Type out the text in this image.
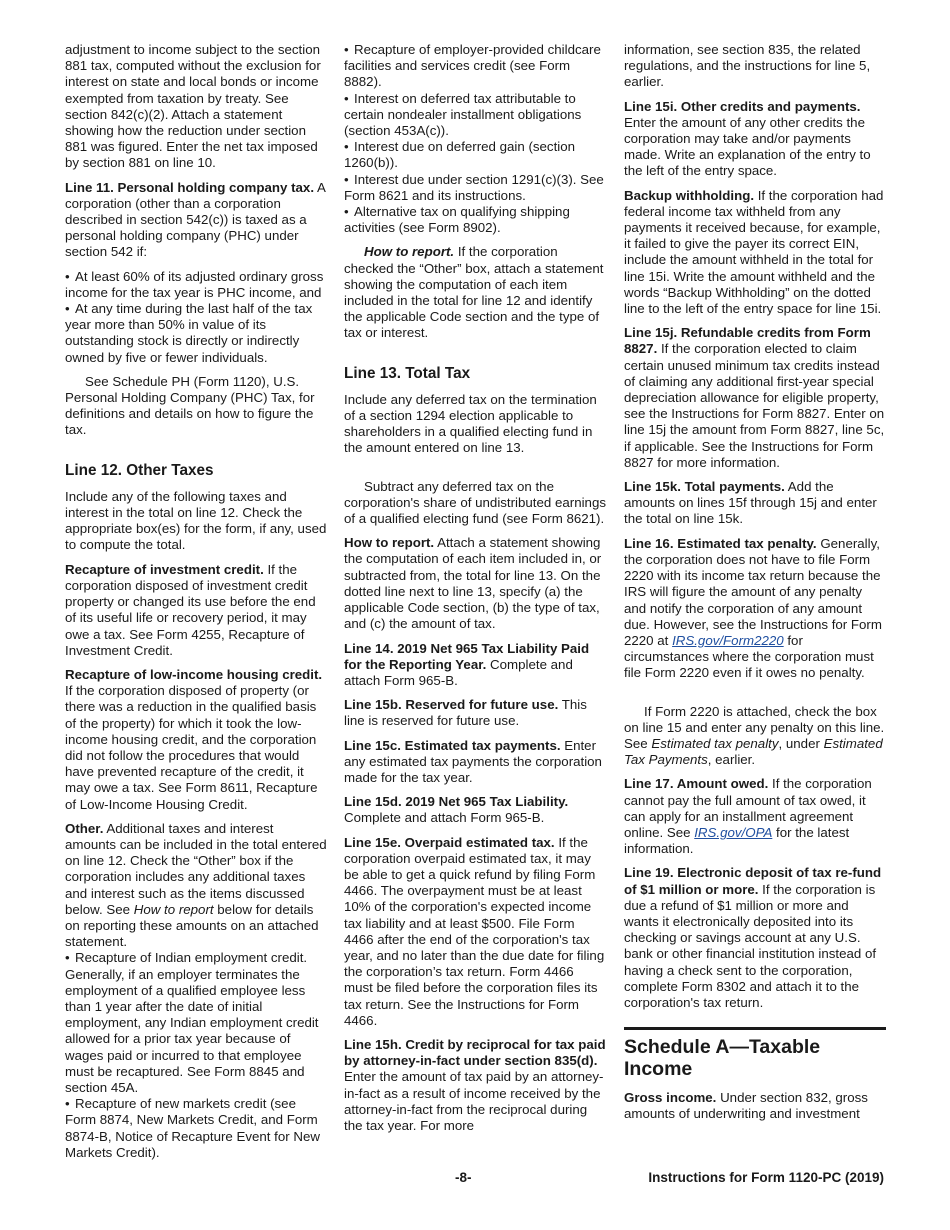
adjustment to income subject to the section 881 tax, computed without the exclusion for interest on state and local bonds or income exempted from taxation by treaty. See section 842(c)(2). Attach a statement showing how the reduction under section 881 was figured. Enter the net tax imposed by section 881 on line 10.

Line 11. Personal holding company tax. A corporation (other than a corporation described in section 542(c)) is taxed as a personal holding company (PHC) under section 542 if:

• At least 60% of its adjusted ordinary gross income for the tax year is PHC income, and
• At any time during the last half of the tax year more than 50% in value of its outstanding stock is directly or indirectly owned by five or fewer individuals.

See Schedule PH (Form 1120), U.S. Personal Holding Company (PHC) Tax, for definitions and details on how to figure the tax.

Line 12. Other Taxes

Include any of the following taxes and interest in the total on line 12. Check the appropriate box(es) for the form, if any, used to compute the total.

Recapture of investment credit. If the corporation disposed of investment credit property or changed its use before the end of its useful life or recovery period, it may owe a tax. See Form 4255, Recapture of Investment Credit.

Recapture of low-income housing credit. If the corporation disposed of property (or there was a reduction in the qualified basis of the property) for which it took the low-income housing credit, and the corporation did not follow the procedures that would have prevented recapture of the credit, it may owe a tax. See Form 8611, Recapture of Low-Income Housing Credit.

Other. Additional taxes and interest amounts can be included in the total entered on line 12. Check the “Other” box if the corporation includes any additional taxes and interest such as the items discussed below. See How to report below for details on reporting these amounts on an attached statement.

• Recapture of Indian employment credit. Generally, if an employer terminates the employment of a qualified employee less than 1 year after the date of initial employment, any Indian employment credit allowed for a prior tax year because of wages paid or incurred to that employee must be recaptured. See Form 8845 and section 45A.
• Recapture of new markets credit (see Form 8874, New Markets Credit, and Form 8874-B, Notice of Recapture Event for New Markets Credit).
• Recapture of employer-provided childcare facilities and services credit (see Form 8882).
• Interest on deferred tax attributable to certain nondealer installment obligations (section 453A(c)).
• Interest due on deferred gain (section 1260(b)).
• Interest due under section 1291(c)(3). See Form 8621 and its instructions.
• Alternative tax on qualifying shipping activities (see Form 8902).

How to report. If the corporation checked the “Other” box, attach a statement showing the computation of each item included in the total for line 12 and identify the applicable Code section and the type of tax or interest.

Line 13. Total Tax

Include any deferred tax on the termination of a section 1294 election applicable to shareholders in a qualified electing fund in the amount entered on line 13.

Subtract any deferred tax on the corporation's share of undistributed earnings of a qualified electing fund (see Form 8621).

How to report. Attach a statement showing the computation of each item included in, or subtracted from, the total for line 13. On the dotted line next to line 13, specify (a) the applicable Code section, (b) the type of tax, and (c) the amount of tax.

Line 14. 2019 Net 965 Tax Liability Paid for the Reporting Year. Complete and attach Form 965-B.

Line 15b. Reserved for future use. This line is reserved for future use.

Line 15c. Estimated tax payments. Enter any estimated tax payments the corporation made for the tax year.

Line 15d. 2019 Net 965 Tax Liability. Complete and attach Form 965-B.

Line 15e. Overpaid estimated tax. If the corporation overpaid estimated tax, it may be able to get a quick refund by filing Form 4466. The overpayment must be at least 10% of the corporation's expected income tax liability and at least $500. File Form 4466 after the end of the corporation's tax year, and no later than the due date for filing the corporation’s tax return. Form 4466 must be filed before the corporation files its tax return. See the Instructions for Form 4466.

Line 15h. Credit by reciprocal for tax paid by attorney-in-fact under section 835(d). Enter the amount of tax paid by an attorney-in-fact as a result of income received by the attorney-in-fact from the reciprocal during the tax year. For more

information, see section 835, the related regulations, and the instructions for line 5, earlier.

Line 15i. Other credits and payments. Enter the amount of any other credits the corporation may take and/or payments made. Write an explanation of the entry to the left of the entry space.

Backup withholding. If the corporation had federal income tax withheld from any payments it received because, for example, it failed to give the payer its correct EIN, include the amount withheld in the total for line 15i. Write the amount withheld and the words “Backup Withholding” on the dotted line to the left of the entry space for line 15i.

Line 15j. Refundable credits from Form 8827. If the corporation elected to claim certain unused minimum tax credits instead of claiming any additional first-year special depreciation allowance for eligible property, see the Instructions for Form 8827. Enter on line 15j the amount from Form 8827, line 5c, if applicable. See the Instructions for Form 8827 for more information.

Line 15k. Total payments. Add the amounts on lines 15f through 15j and enter the total on line 15k.

Line 16. Estimated tax penalty. Generally, the corporation does not have to file Form 2220 with its income tax return because the IRS will figure the amount of any penalty and notify the corporation of any amount due. However, see the Instructions for Form 2220 at IRS.gov/Form2220 for circumstances where the corporation must file Form 2220 even if it owes no penalty.

If Form 2220 is attached, check the box on line 15 and enter any penalty on this line. See Estimated tax penalty, under Estimated Tax Payments, earlier.

Line 17. Amount owed. If the corporation cannot pay the full amount of tax owed, it can apply for an installment agreement online. See IRS.gov/OPA for the latest information.

Line 19. Electronic deposit of tax re-fund of $1 million or more. If the corporation is due a refund of $1 million or more and wants it electronically deposited into its checking or savings account at any U.S. bank or other financial institution instead of having a check sent to the corporation, complete Form 8302 and attach it to the corporation's tax return.

Schedule A—Taxable Income

Gross income. Under section 832, gross amounts of underwriting and investment

-8-	Instructions for Form 1120-PC (2019)
